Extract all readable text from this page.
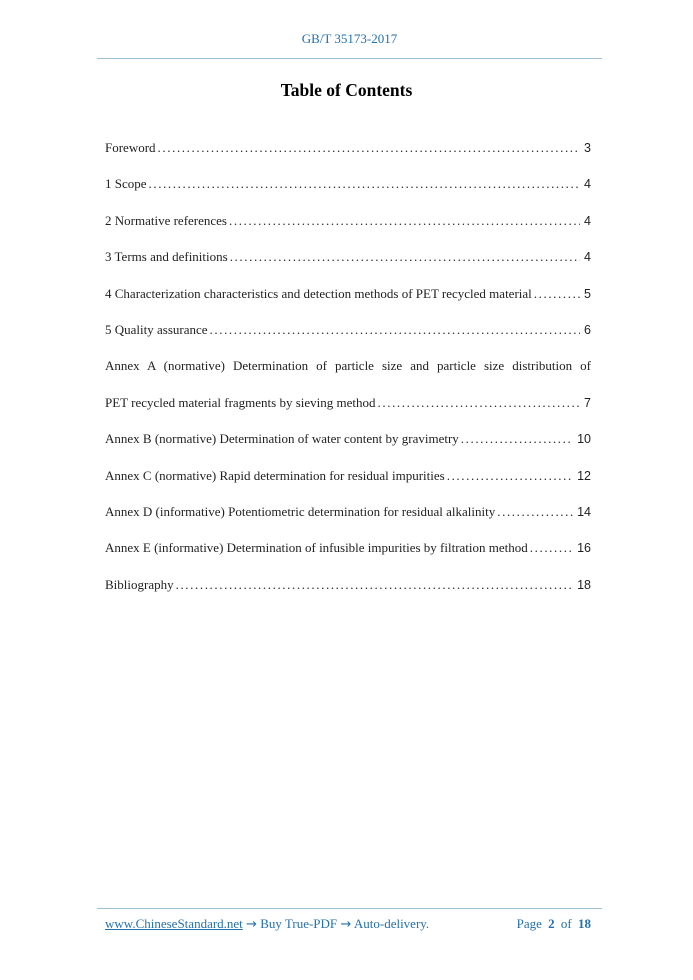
GB/T 35173-2017
Table of Contents
Foreword .....	3
1 Scope .....	4
2 Normative references .....	4
3 Terms and definitions .....	4
4 Characterization characteristics and detection methods of PET recycled material .....	5
5 Quality assurance .....	6
Annex A (normative) Determination of particle size and particle size distribution of
PET recycled material fragments by sieving method .....	7
Annex B (normative) Determination of water content by gravimetry .....	10
Annex C (normative) Rapid determination for residual impurities .....	12
Annex D (informative) Potentiometric determination for residual alkalinity .....	14
Annex E (informative) Determination of infusible impurities by filtration method .....	16
Bibliography .....	18
www.ChineseStandard.net → Buy True-PDF → Auto-delivery.	Page 2 of 18
